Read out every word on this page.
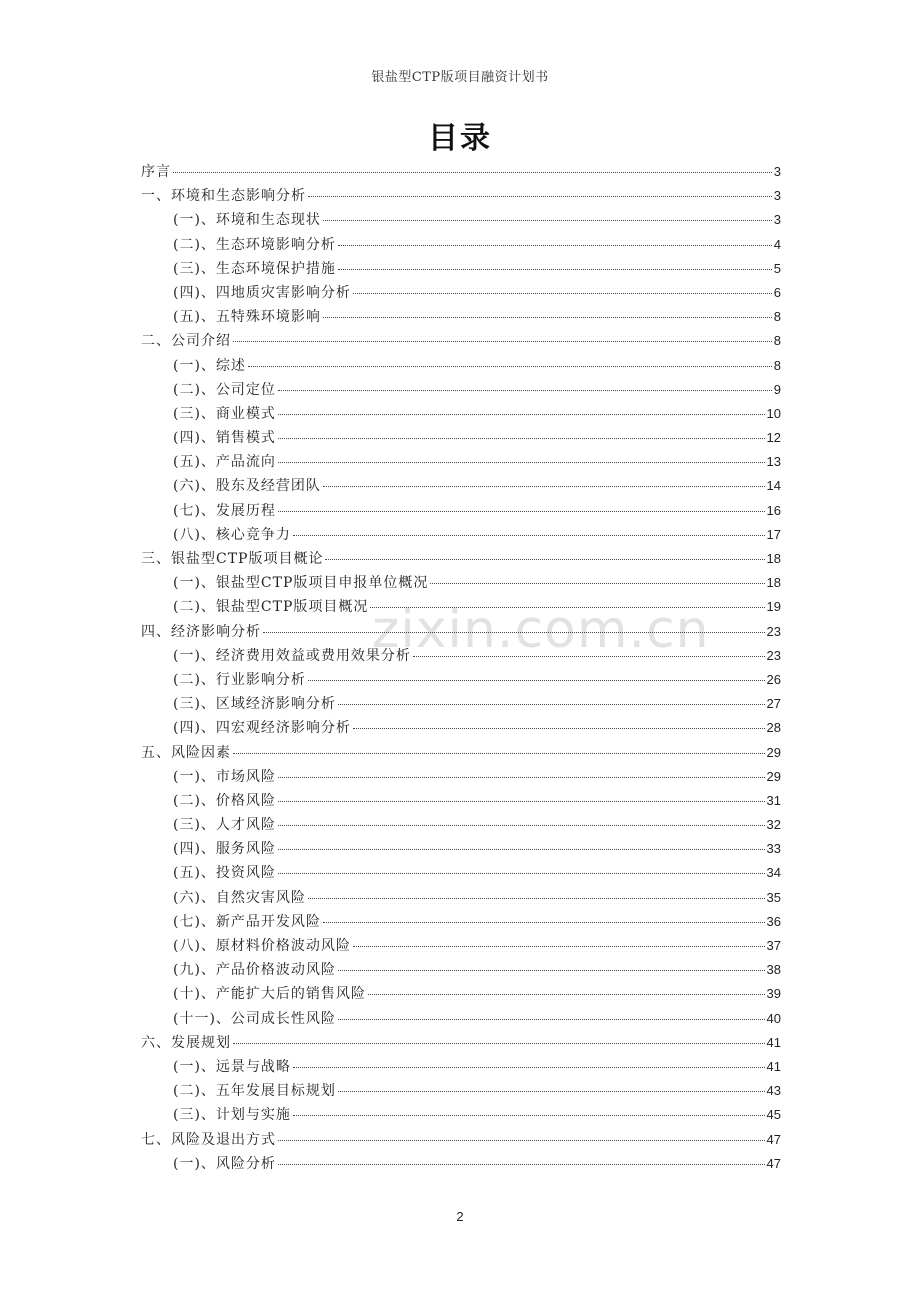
银盐型CTP版项目融资计划书
目录
zixin.com.cn
序言	3
一、环境和生态影响分析	3
(一)、环境和生态现状	3
(二)、生态环境影响分析	4
(三)、生态环境保护措施	5
(四)、四地质灾害影响分析	6
(五)、五特殊环境影响	8
二、公司介绍	8
(一)、综述	8
(二)、公司定位	9
(三)、商业模式	10
(四)、销售模式	12
(五)、产品流向	13
(六)、股东及经营团队	14
(七)、发展历程	16
(八)、核心竞争力	17
三、银盐型CTP版项目概论	18
(一)、银盐型CTP版项目申报单位概况	18
(二)、银盐型CTP版项目概况	19
四、经济影响分析	23
(一)、经济费用效益或费用效果分析	23
(二)、行业影响分析	26
(三)、区域经济影响分析	27
(四)、四宏观经济影响分析	28
五、风险因素	29
(一)、市场风险	29
(二)、价格风险	31
(三)、人才风险	32
(四)、服务风险	33
(五)、投资风险	34
(六)、自然灾害风险	35
(七)、新产品开发风险	36
(八)、原材料价格波动风险	37
(九)、产品价格波动风险	38
(十)、产能扩大后的销售风险	39
(十一)、公司成长性风险	40
六、发展规划	41
(一)、远景与战略	41
(二)、五年发展目标规划	43
(三)、计划与实施	45
七、风险及退出方式	47
(一)、风险分析	47
2
